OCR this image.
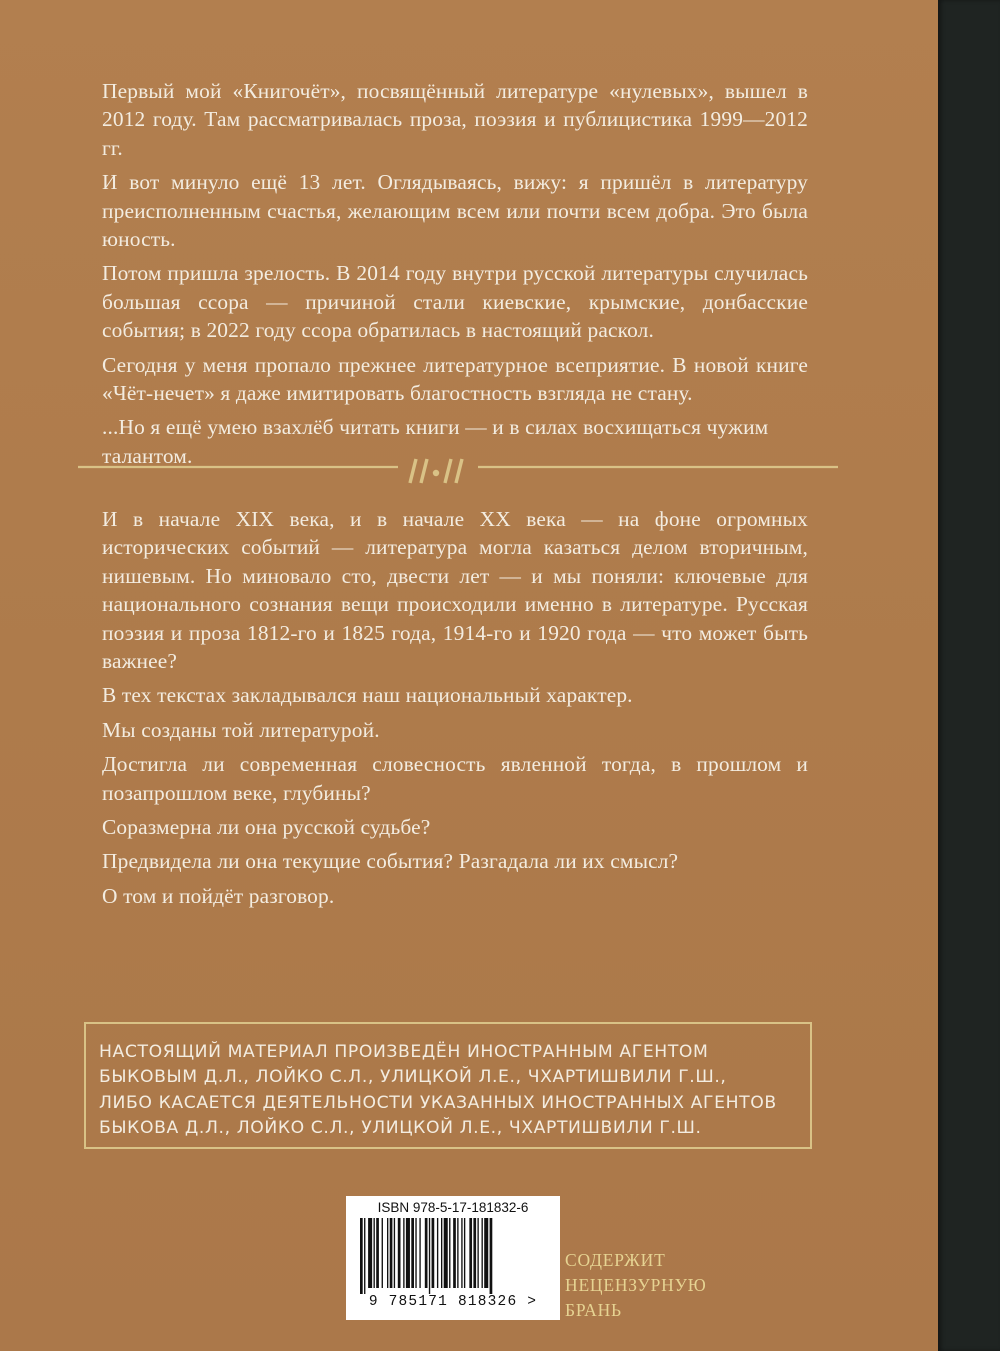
Первый мой «Книгочёт», посвящённый литературе «нулевых», вышел в 2012 году. Там рассматривалась проза, поэзия и публицистика 1999—2012 гг.

И вот минуло ещё 13 лет. Оглядываясь, вижу: я пришёл в литературу преисполненным счастья, желающим всем или почти всем добра. Это была юность.

Потом пришла зрелость. В 2014 году внутри русской литературы случилась большая ссора — причиной стали киевские, крымские, донбасские события; в 2022 году ссора обратилась в настоящий раскол.

Сегодня у меня пропало прежнее литературное всеприятие. В новой книге «Чёт-нечет» я даже имитировать благостность взгляда не стану.

...Но я ещё умею взахлёб читать книги — и в силах восхищаться чужим талантом.

И в начале XIX века, и в начале XX века — на фоне огромных исторических событий — литература могла казаться делом вторичным, нишевым. Но миновало сто, двести лет — и мы поняли: ключевые для национального сознания вещи происходили именно в литературе. Русская поэзия и проза 1812-го и 1825 года, 1914-го и 1920 года — что может быть важнее?

В тех текстах закладывался наш национальный характер.

Мы созданы той литературой.

Достигла ли современная словесность явленной тогда, в прошлом и позапрошлом веке, глубины?

Соразмерна ли она русской судьбе?

Предвидела ли она текущие события? Разгадала ли их смысл?

О том и пойдёт разговор.

НАСТОЯЩИЙ МАТЕРИАЛ ПРОИЗВЕДЁН ИНОСТРАННЫМ АГЕНТОМ
БЫКОВЫМ Д.Л., ЛОЙКО С.Л., УЛИЦКОЙ Л.Е., ЧХАРТИШВИЛИ Г.Ш.,
ЛИБО КАСАЕТСЯ ДЕЯТЕЛЬНОСТИ УКАЗАННЫХ ИНОСТРАННЫХ АГЕНТОВ
БЫКОВА Д.Л., ЛОЙКО С.Л., УЛИЦКОЙ Л.Е., ЧХАРТИШВИЛИ Г.Ш.
ISBN 978-5-17-181832-6
9 785171 818326 >
СОДЕРЖИТ
НЕЦЕНЗУРНУЮ
БРАНЬ
